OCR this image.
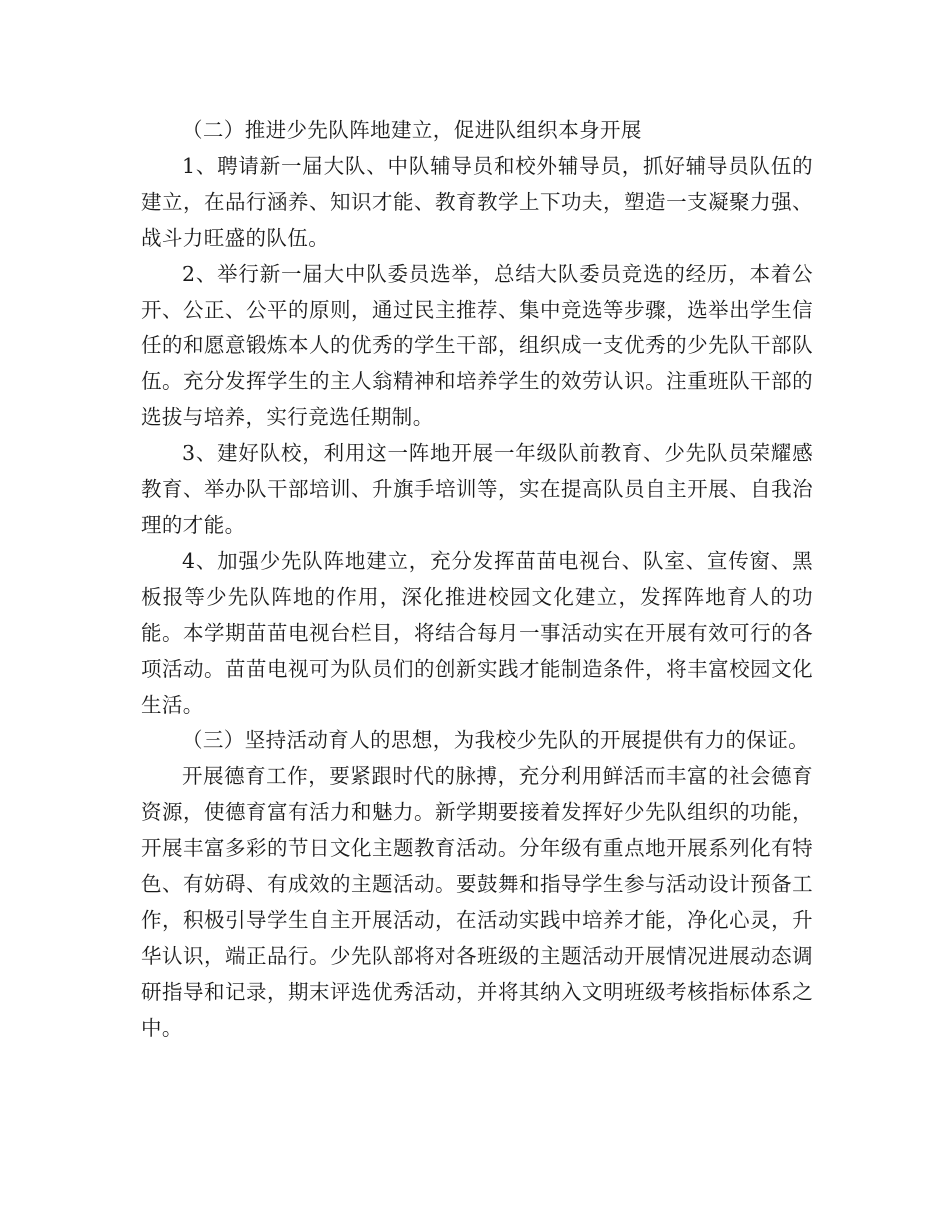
（二）推进少先队阵地建立，促进队组织本身开展

1、聘请新一届大队、中队辅导员和校外辅导员，抓好辅导员队伍的建立，在品行涵养、知识才能、教育教学上下功夫，塑造一支凝聚力强、战斗力旺盛的队伍。

2、举行新一届大中队委员选举，总结大队委员竞选的经历，本着公开、公正、公平的原则，通过民主推荐、集中竞选等步骤，选举出学生信任的和愿意锻炼本人的优秀的学生干部，组织成一支优秀的少先队干部队伍。充分发挥学生的主人翁精神和培养学生的效劳认识。注重班队干部的选拔与培养，实行竞选任期制。

3、建好队校，利用这一阵地开展一年级队前教育、少先队员荣耀感教育、举办队干部培训、升旗手培训等，实在提高队员自主开展、自我治理的才能。

4、加强少先队阵地建立，充分发挥苗苗电视台、队室、宣传窗、黑板报等少先队阵地的作用，深化推进校园文化建立，发挥阵地育人的功能。本学期苗苗电视台栏目，将结合每月一事活动实在开展有效可行的各项活动。苗苗电视可为队员们的创新实践才能制造条件，将丰富校园文化生活。

（三）坚持活动育人的思想，为我校少先队的开展提供有力的保证。

开展德育工作，要紧跟时代的脉搏，充分利用鲜活而丰富的社会德育资源，使德育富有活力和魅力。新学期要接着发挥好少先队组织的功能，开展丰富多彩的节日文化主题教育活动。分年级有重点地开展系列化有特色、有妨碍、有成效的主题活动。要鼓舞和指导学生参与活动设计预备工作，积极引导学生自主开展活动，在活动实践中培养才能，净化心灵，升华认识，端正品行。少先队部将对各班级的主题活动开展情况进展动态调研指导和记录，期末评选优秀活动，并将其纳入文明班级考核指标体系之中。
